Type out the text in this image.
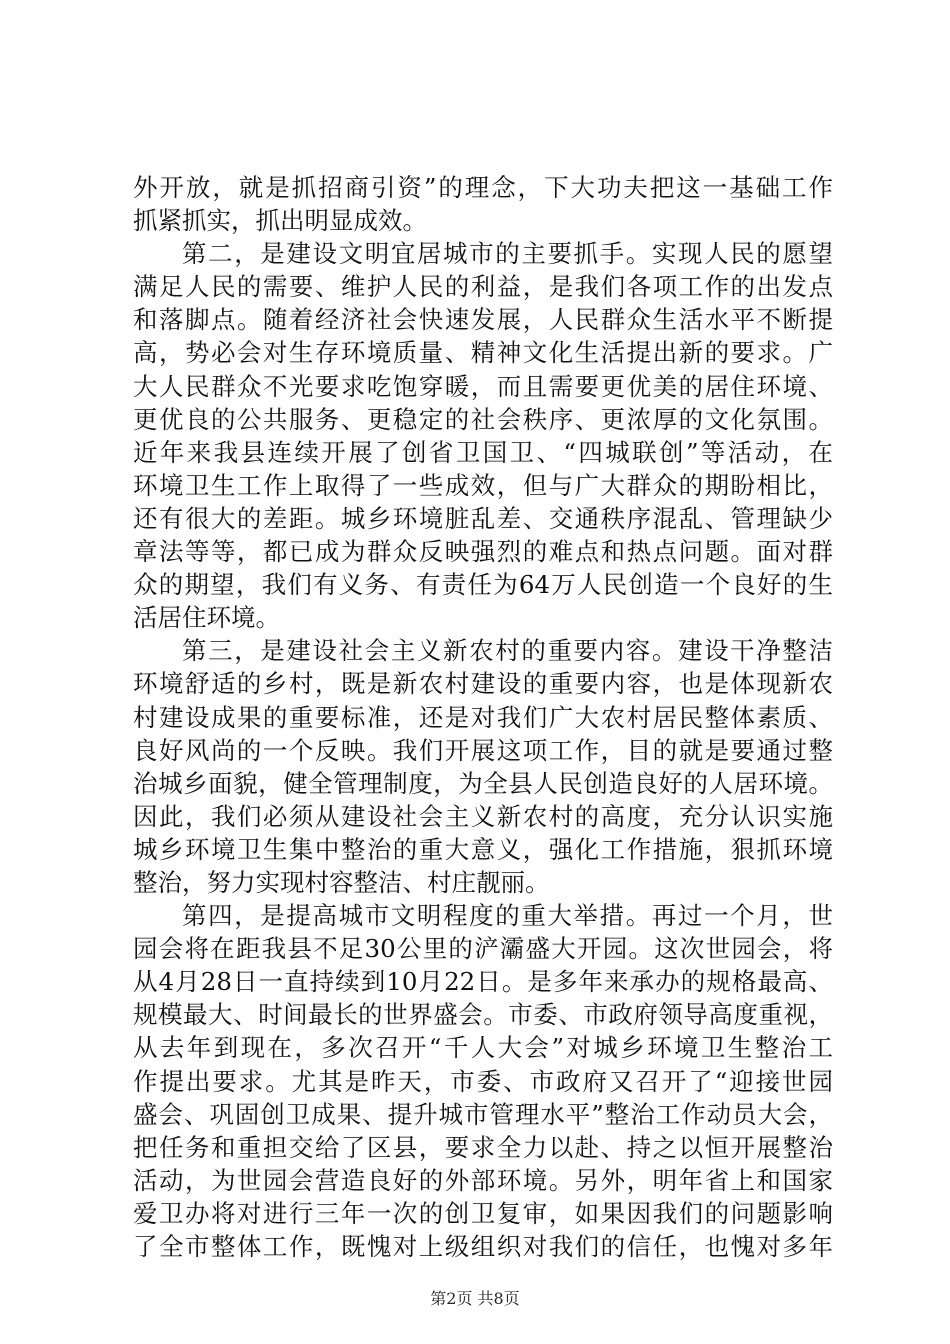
外开放，就是抓招商引资”的理念，下大功夫把这一基础工作
抓紧抓实，抓出明显成效。
第二，是建设文明宜居城市的主要抓手。实现人民的愿望
满足人民的需要、维护人民的利益，是我们各项工作的出发点
和落脚点。随着经济社会快速发展，人民群众生活水平不断提
高，势必会对生存环境质量、精神文化生活提出新的要求。广
大人民群众不光要求吃饱穿暖，而且需要更优美的居住环境、
更优良的公共服务、更稳定的社会秩序、更浓厚的文化氛围。
近年来我县连续开展了创省卫国卫、“四城联创”等活动，在
环境卫生工作上取得了一些成效，但与广大群众的期盼相比，
还有很大的差距。城乡环境脏乱差、交通秩序混乱、管理缺少
章法等等，都已成为群众反映强烈的难点和热点问题。面对群
众的期望，我们有义务、有责任为64万人民创造一个良好的生
活居住环境。
第三，是建设社会主义新农村的重要内容。建设干净整洁
环境舒适的乡村，既是新农村建设的重要内容，也是体现新农
村建设成果的重要标准，还是对我们广大农村居民整体素质、
良好风尚的一个反映。我们开展这项工作，目的就是要通过整
治城乡面貌，健全管理制度，为全县人民创造良好的人居环境。
因此，我们必须从建设社会主义新农村的高度，充分认识实施
城乡环境卫生集中整治的重大意义，强化工作措施，狠抓环境
整治，努力实现村容整洁、村庄靓丽。
第四，是提高城市文明程度的重大举措。再过一个月，世
园会将在距我县不足30公里的浐灞盛大开园。这次世园会，将
从4月28日一直持续到10月22日。是多年来承办的规格最高、
规模最大、时间最长的世界盛会。市委、市政府领导高度重视，
从去年到现在，多次召开“千人大会”对城乡环境卫生整治工
作提出要求。尤其是昨天，市委、市政府又召开了“迎接世园
盛会、巩固创卫成果、提升城市管理水平”整治工作动员大会，
把任务和重担交给了区县，要求全力以赴、持之以恒开展整治
活动，为世园会营造良好的外部环境。另外，明年省上和国家
爱卫办将对进行三年一次的创卫复审，如果因我们的问题影响
了全市整体工作，既愧对上级组织对我们的信任，也愧对多年
第2页 共8页
